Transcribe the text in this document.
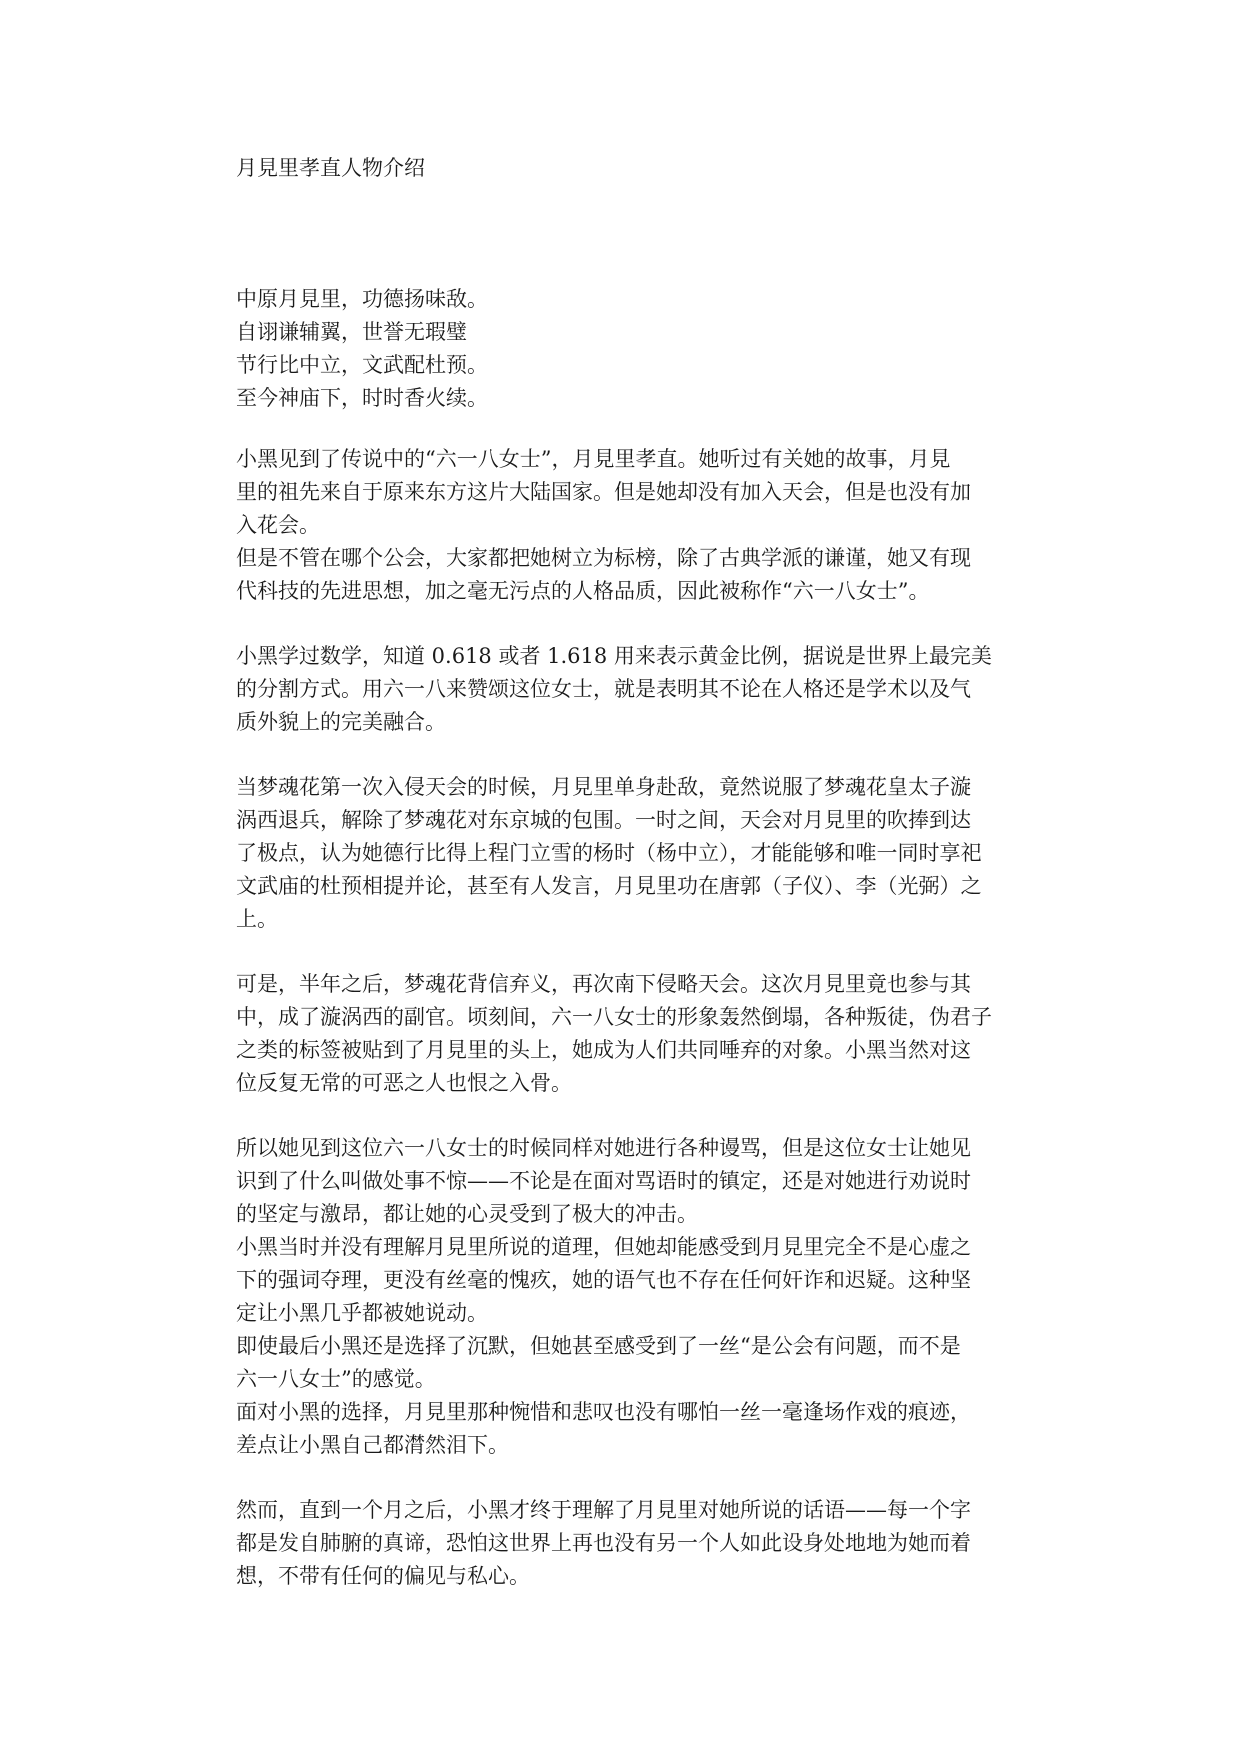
月見里孝直人物介绍
中原月見里，功德扬味敌。
自诩谦辅翼，世誉无瑕璧
节行比中立，文武配杜预。
至今神庙下，时时香火续。

小黑见到了传说中的“六一八女士”，月見里孝直。她听过有关她的故事，月見
里的祖先来自于原来东方这片大陆国家。但是她却没有加入天会，但是也没有加
入花会。
但是不管在哪个公会，大家都把她树立为标榜，除了古典学派的谦谨，她又有现
代科技的先进思想，加之毫无污点的人格品质，因此被称作“六一八女士”。

小黑学过数学，知道 0.618 或者 1.618 用来表示黄金比例，据说是世界上最完美
的分割方式。用六一八来赞颂这位女士，就是表明其不论在人格还是学术以及气
质外貌上的完美融合。

当梦魂花第一次入侵天会的时候，月見里单身赴敌，竟然说服了梦魂花皇太子漩
涡西退兵，解除了梦魂花对东京城的包围。一时之间，天会对月見里的吹捧到达
了极点，认为她德行比得上程门立雪的杨时（杨中立），才能能够和唯一同时享祀
文武庙的杜预相提并论，甚至有人发言，月見里功在唐郭（子仪）、李（光弼）之
上。

可是，半年之后，梦魂花背信弃义，再次南下侵略天会。这次月見里竟也参与其
中，成了漩涡西的副官。顷刻间，六一八女士的形象轰然倒塌，各种叛徒，伪君子
之类的标签被贴到了月見里的头上，她成为人们共同唾弃的对象。小黑当然对这
位反复无常的可恶之人也恨之入骨。

所以她见到这位六一八女士的时候同样对她进行各种谩骂，但是这位女士让她见
识到了什么叫做处事不惊——不论是在面对骂语时的镇定，还是对她进行劝说时
的坚定与激昂，都让她的心灵受到了极大的冲击。
小黑当时并没有理解月見里所说的道理，但她却能感受到月見里完全不是心虚之
下的强词夺理，更没有丝毫的愧疚，她的语气也不存在任何奸诈和迟疑。这种坚
定让小黑几乎都被她说动。
即使最后小黑还是选择了沉默，但她甚至感受到了一丝“是公会有问题，而不是
六一八女士”的感觉。
面对小黑的选择，月見里那种惋惜和悲叹也没有哪怕一丝一毫逢场作戏的痕迹，
差点让小黑自己都潸然泪下。

然而，直到一个月之后，小黑才终于理解了月見里对她所说的话语——每一个字
都是发自肺腑的真谛，恐怕这世界上再也没有另一个人如此设身处地地为她而着
想，不带有任何的偏见与私心。
